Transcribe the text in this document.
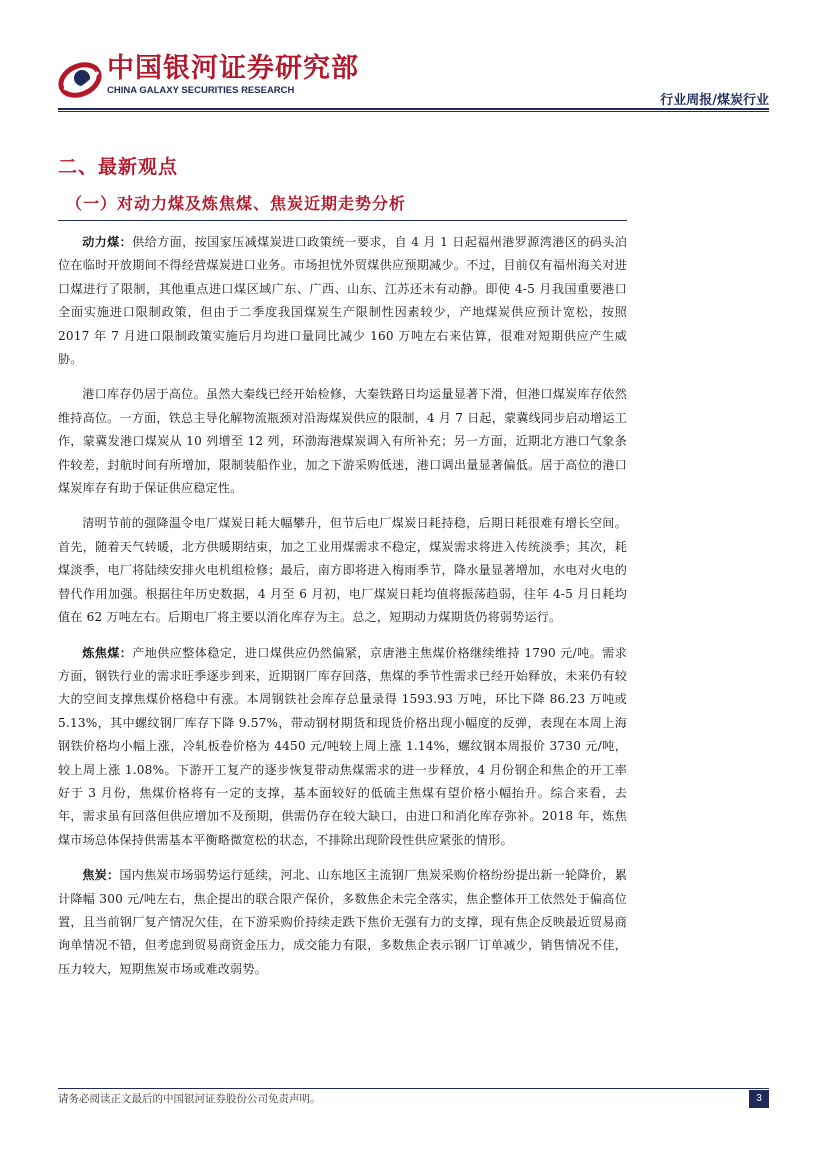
中国银河证券研究部
CHINA GALAXY SECURITIES RESEARCH
行业周报/煤炭行业
二、最新观点
（一）对动力煤及炼焦煤、焦炭近期走势分析

动力煤：供给方面，按国家压减煤炭进口政策统一要求，自 4 月 1 日起福州港罗源湾港区的码头泊位在临时开放期间不得经营煤炭进口业务。市场担忧外贸煤供应预期减少。不过，目前仅有福州海关对进口煤进行了限制，其他重点进口煤区域广东、广西、山东、江苏还未有动静。即使 4-5 月我国重要港口全面实施进口限制政策，但由于二季度我国煤炭生产限制性因素较少，产地煤炭供应预计宽松，按照 2017 年 7 月进口限制政策实施后月均进口量同比减少 160 万吨左右来估算，很难对短期供应产生威胁。

港口库存仍居于高位。虽然大秦线已经开始检修，大秦铁路日均运量显著下滑，但港口煤炭库存依然维持高位。一方面，铁总主导化解物流瓶颈对沿海煤炭供应的限制，4 月 7 日起，蒙冀线同步启动增运工作，蒙冀发港口煤炭从 10 列增至 12 列，环渤海港煤炭调入有所补充；另一方面，近期北方港口气象条件较差，封航时间有所增加，限制装船作业，加之下游采购低迷，港口调出量显著偏低。居于高位的港口煤炭库存有助于保证供应稳定性。

清明节前的强降温令电厂煤炭日耗大幅攀升，但节后电厂煤炭日耗持稳，后期日耗很难有增长空间。首先，随着天气转暖，北方供暖期结束，加之工业用煤需求不稳定，煤炭需求将进入传统淡季；其次，耗煤淡季，电厂将陆续安排火电机组检修；最后，南方即将进入梅雨季节，降水量显著增加，水电对火电的替代作用加强。根据往年历史数据，4 月至 6 月初，电厂煤炭日耗均值将振荡趋弱，往年 4-5 月日耗均值在 62 万吨左右。后期电厂将主要以消化库存为主。总之，短期动力煤期货仍将弱势运行。

炼焦煤：产地供应整体稳定，进口煤供应仍然偏紧，京唐港主焦煤价格继续维持 1790 元/吨。需求方面，钢铁行业的需求旺季逐步到来，近期钢厂库存回落，焦煤的季节性需求已经开始释放，未来仍有较大的空间支撑焦煤价格稳中有涨。本周钢铁社会库存总量录得 1593.93 万吨，环比下降 86.23 万吨或 5.13%，其中螺纹钢厂库存下降 9.57%，带动钢材期货和现货价格出现小幅度的反弹，表现在本周上海钢铁价格均小幅上涨，冷轧板卷价格为 4450 元/吨较上周上涨 1.14%，螺纹钢本周报价 3730 元/吨，较上周上涨 1.08%。下游开工复产的逐步恢复带动焦煤需求的进一步释放，4 月份钢企和焦企的开工率好于 3 月份，焦煤价格将有一定的支撑，基本面较好的低硫主焦煤有望价格小幅抬升。综合来看，去年，需求虽有回落但供应增加不及预期，供需仍存在较大缺口，由进口和消化库存弥补。2018 年，炼焦煤市场总体保持供需基本平衡略微宽松的状态，不排除出现阶段性供应紧张的情形。

焦炭：国内焦炭市场弱势运行延续，河北、山东地区主流钢厂焦炭采购价格纷纷提出新一轮降价，累计降幅 300 元/吨左右，焦企提出的联合限产保价，多数焦企未完全落实，焦企整体开工依然处于偏高位置，且当前钢厂复产情况欠佳，在下游采购价持续走跌下焦价无强有力的支撑，现有焦企反映最近贸易商询单情况不错，但考虑到贸易商资金压力，成交能力有限，多数焦企表示钢厂订单减少，销售情况不佳，压力较大，短期焦炭市场或难改弱势。

请务必阅读正文最后的中国银河证券股份公司免责声明。	3
